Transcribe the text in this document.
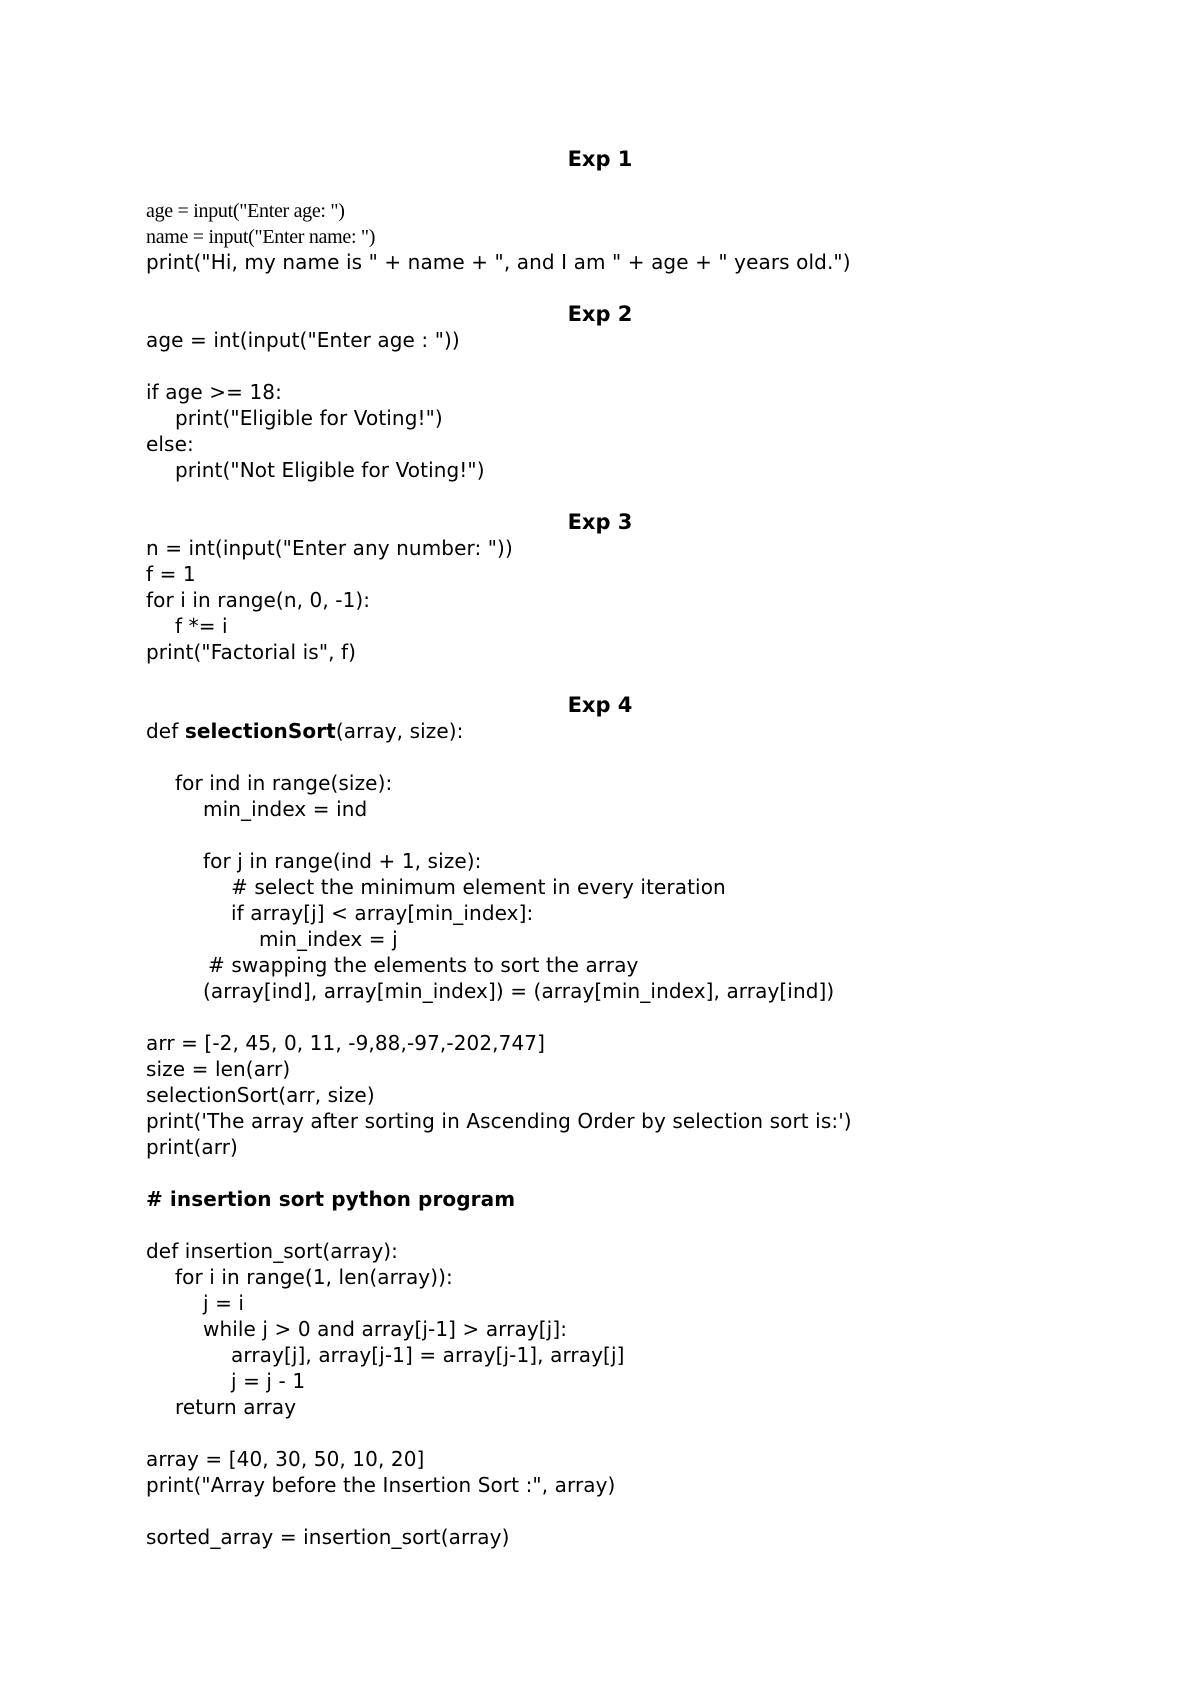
Exp 1
age = input("Enter age: ")
name = input("Enter name: ")
print("Hi, my name is " + name + ", and I am " + age + " years old.")
Exp 2
age = int(input("Enter age : "))
if age >= 18:
print("Eligible for Voting!")
else:
print("Not Eligible for Voting!")
Exp 3
n = int(input("Enter any number: "))
f = 1
for i in range(n, 0, -1):
f *= i
print("Factorial is", f)
Exp 4
def selectionSort(array, size):
for ind in range(size):
min_index = ind
for j in range(ind + 1, size):
# select the minimum element in every iteration
if array[j] < array[min_index]:
min_index = j
# swapping the elements to sort the array
(array[ind], array[min_index]) = (array[min_index], array[ind])
arr = [-2, 45, 0, 11, -9,88,-97,-202,747]
size = len(arr)
selectionSort(arr, size)
print('The array after sorting in Ascending Order by selection sort is:')
print(arr)
# insertion sort python program
def insertion_sort(array):
for i in range(1, len(array)):
j = i
while j > 0 and array[j-1] > array[j]:
array[j], array[j-1] = array[j-1], array[j]
j = j - 1
return array
array = [40, 30, 50, 10, 20]
print("Array before the Insertion Sort :", array)
sorted_array = insertion_sort(array)
